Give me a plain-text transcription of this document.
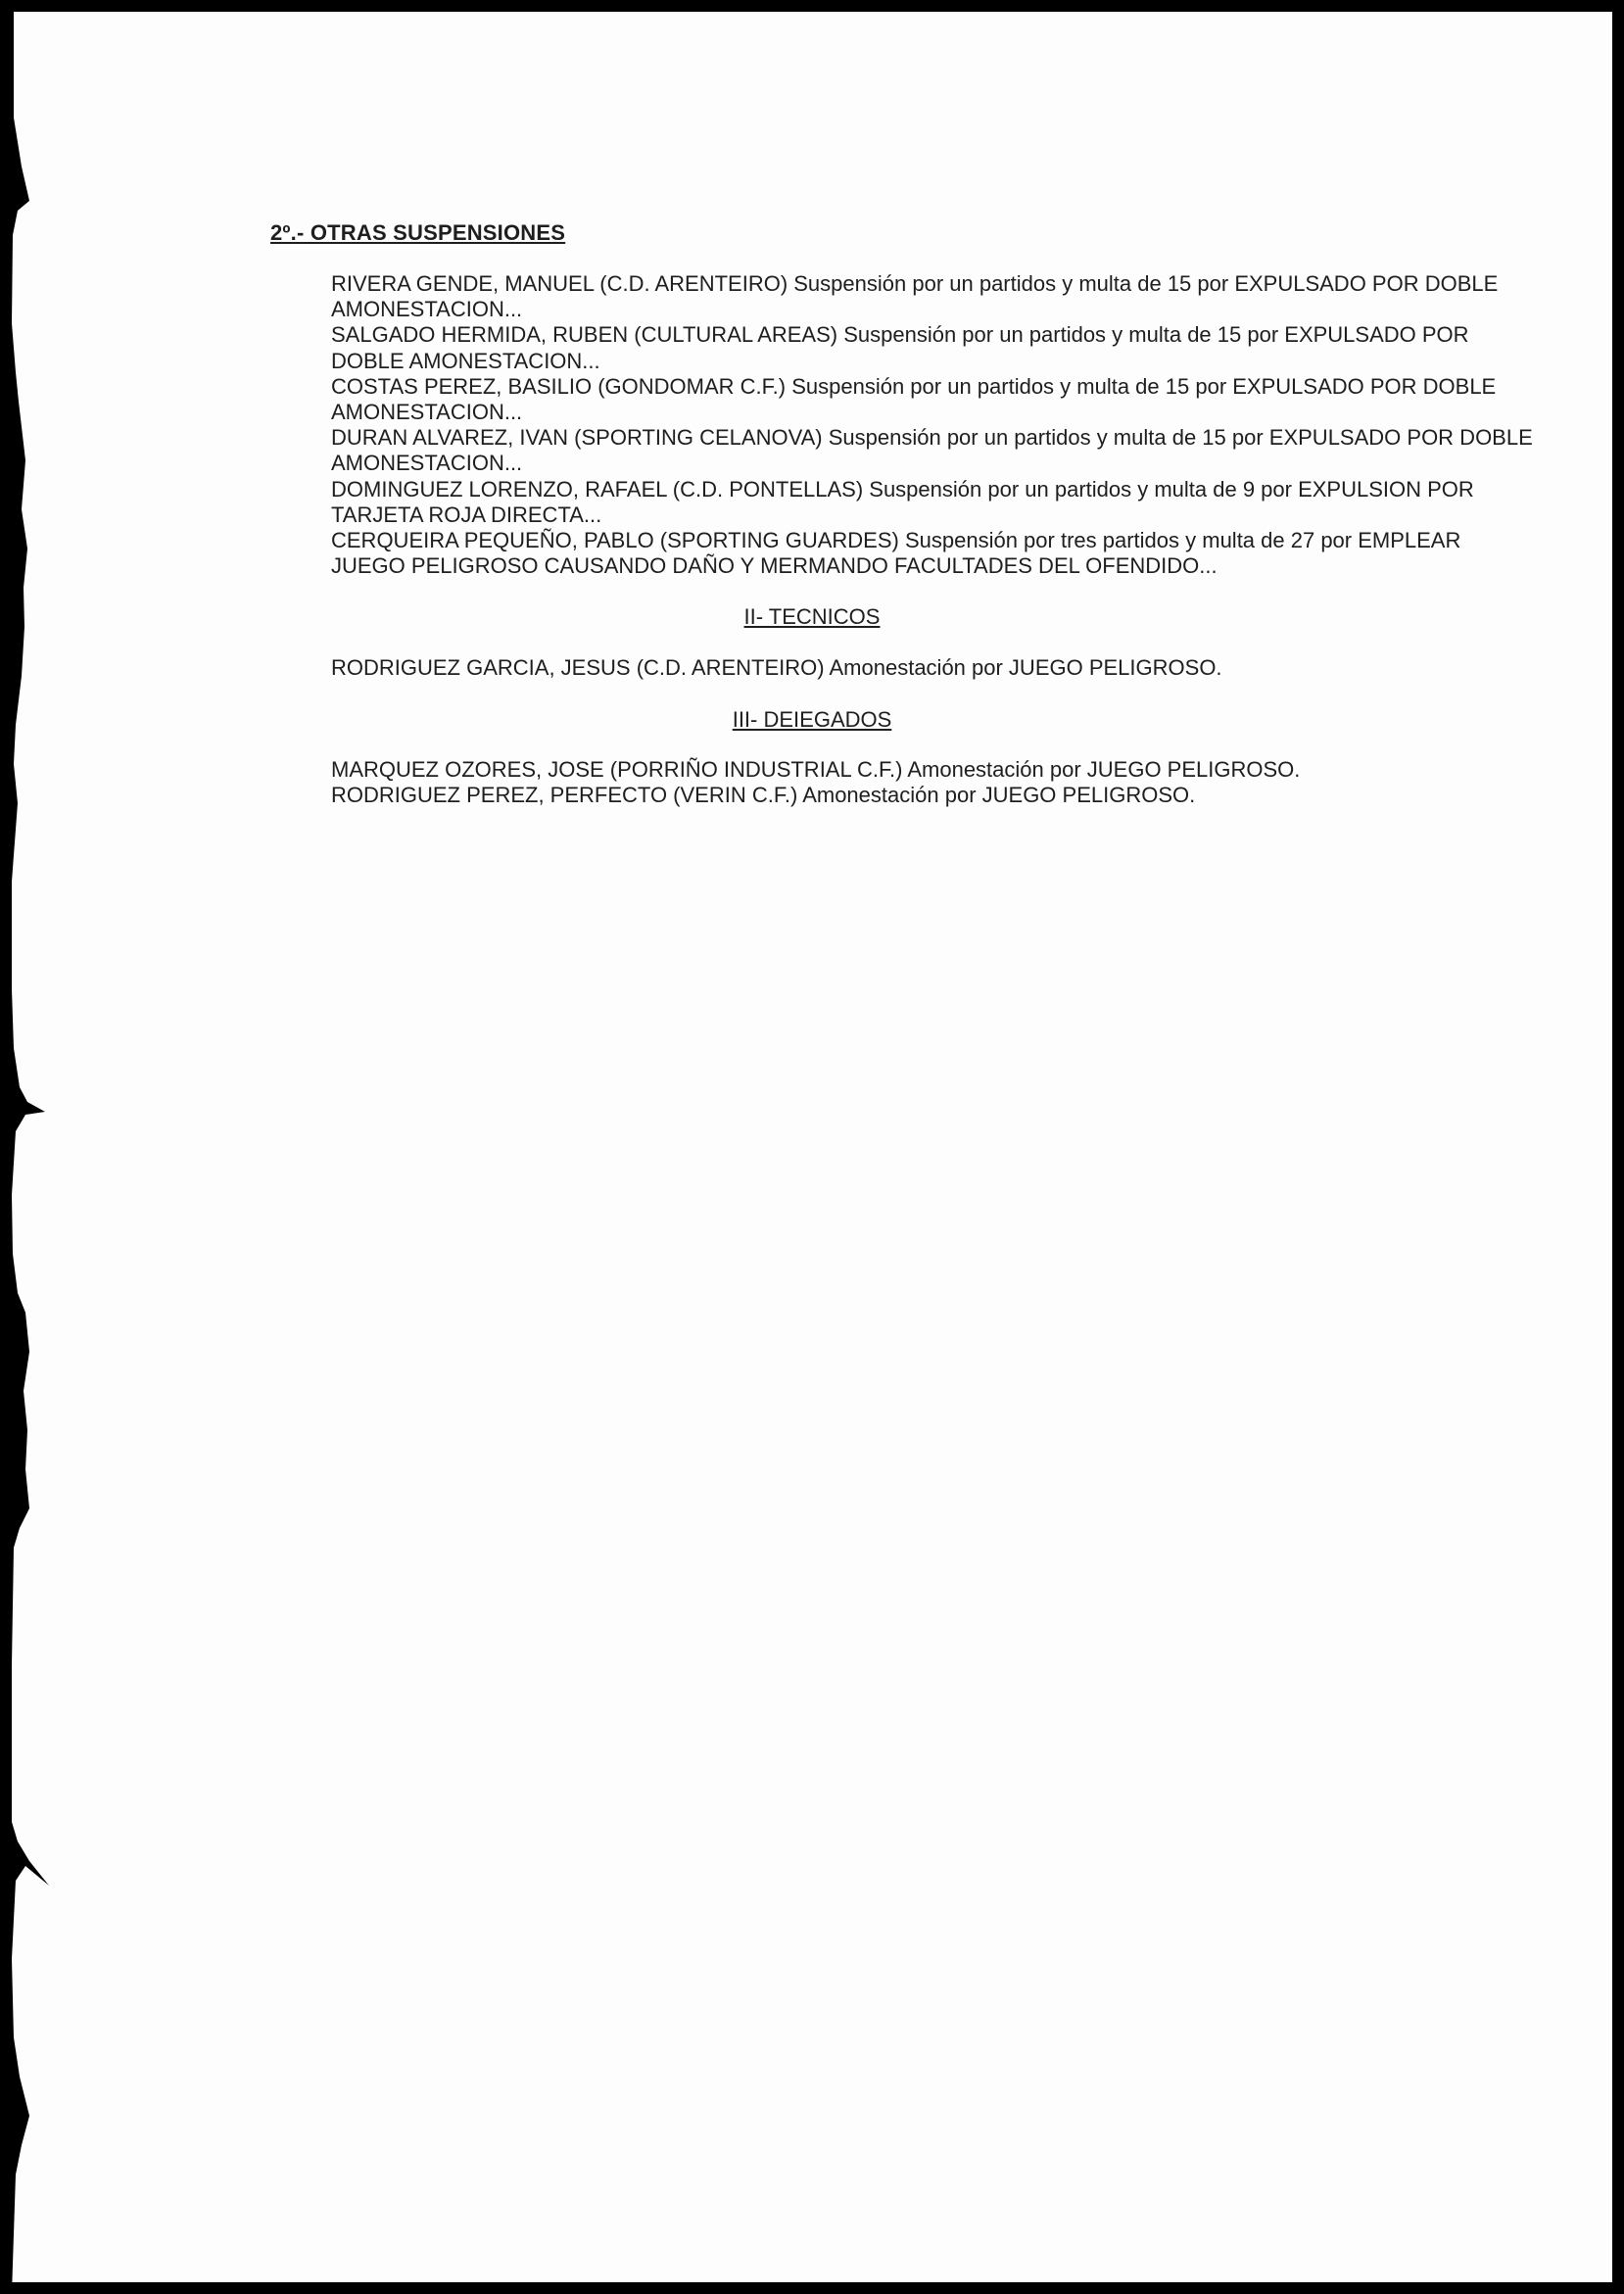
2º.- OTRAS SUSPENSIONES

RIVERA GENDE, MANUEL (C.D. ARENTEIRO) Suspensión por un partidos y multa de 15 por EXPULSADO POR DOBLE AMONESTACION...

SALGADO HERMIDA, RUBEN (CULTURAL AREAS) Suspensión por un partidos y multa de 15 por EXPULSADO POR DOBLE AMONESTACION...

COSTAS PEREZ, BASILIO (GONDOMAR C.F.) Suspensión por un partidos y multa de 15 por EXPULSADO POR DOBLE AMONESTACION...

DURAN ALVAREZ, IVAN (SPORTING CELANOVA) Suspensión por un partidos y multa de 15 por EXPULSADO POR DOBLE AMONESTACION...

DOMINGUEZ LORENZO, RAFAEL (C.D. PONTELLAS) Suspensión por un partidos y multa de 9 por EXPULSION POR TARJETA ROJA DIRECTA...

CERQUEIRA PEQUEÑO, PABLO (SPORTING GUARDES) Suspensión por tres partidos y multa de 27 por EMPLEAR JUEGO PELIGROSO CAUSANDO DAÑO Y MERMANDO FACULTADES DEL OFENDIDO...

II- TECNICOS

RODRIGUEZ GARCIA, JESUS (C.D. ARENTEIRO) Amonestación por JUEGO PELIGROSO.

III- DEIEGADOS

MARQUEZ OZORES, JOSE (PORRIÑO INDUSTRIAL C.F.) Amonestación por JUEGO PELIGROSO.

RODRIGUEZ PEREZ, PERFECTO (VERIN C.F.) Amonestación por JUEGO PELIGROSO.
